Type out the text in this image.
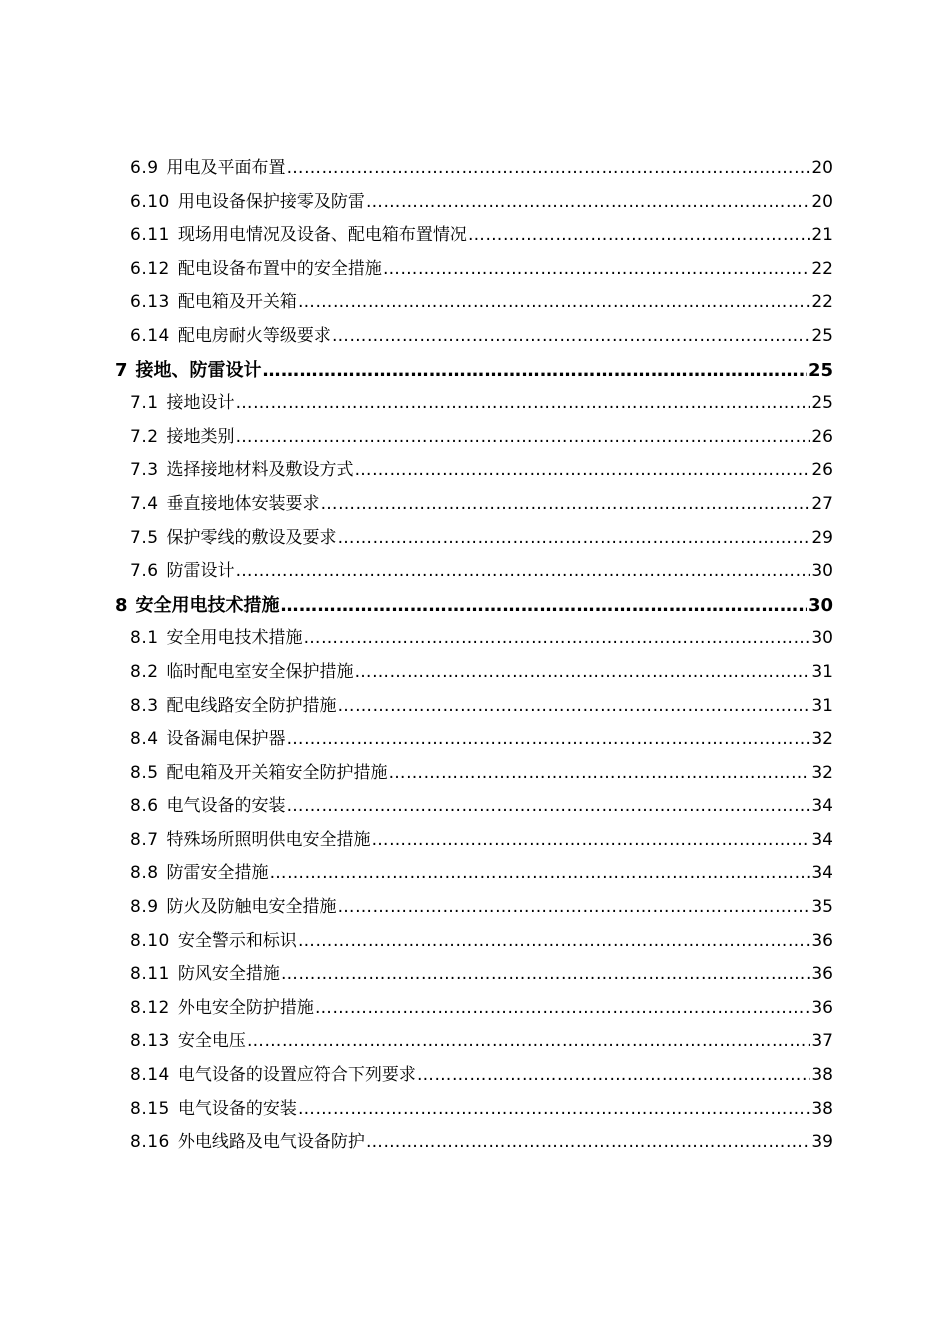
6.9 用电及平面布置 ……………………………………………………………………………………………………………………………………………………………………	20
6.10 用电设备保护接零及防雷 ……………………………………………………………………………………………………………………………………………………………………	20
6.11 现场用电情况及设备、配电箱布置情况 ……………………………………………………………………………………………………………………………………………………………………	21
6.12 配电设备布置中的安全措施 ……………………………………………………………………………………………………………………………………………………………………	22
6.13 配电箱及开关箱 ……………………………………………………………………………………………………………………………………………………………………	22
6.14 配电房耐火等级要求 ……………………………………………………………………………………………………………………………………………………………………	25
7 接地、防雷设计 ……………………………………………………………………………………………………………………………………………………………………	25
7.1 接地设计 ……………………………………………………………………………………………………………………………………………………………………	25
7.2 接地类别 ……………………………………………………………………………………………………………………………………………………………………	26
7.3 选择接地材料及敷设方式 ……………………………………………………………………………………………………………………………………………………………………	26
7.4 垂直接地体安装要求 ……………………………………………………………………………………………………………………………………………………………………	27
7.5 保护零线的敷设及要求 ……………………………………………………………………………………………………………………………………………………………………	29
7.6 防雷设计 ……………………………………………………………………………………………………………………………………………………………………	30
8 安全用电技术措施 ……………………………………………………………………………………………………………………………………………………………………	30
8.1 安全用电技术措施 ……………………………………………………………………………………………………………………………………………………………………	30
8.2 临时配电室安全保护措施 ……………………………………………………………………………………………………………………………………………………………………	31
8.3 配电线路安全防护措施 ……………………………………………………………………………………………………………………………………………………………………	31
8.4 设备漏电保护器 ……………………………………………………………………………………………………………………………………………………………………	32
8.5 配电箱及开关箱安全防护措施 ……………………………………………………………………………………………………………………………………………………………………	32
8.6 电气设备的安装 ……………………………………………………………………………………………………………………………………………………………………	34
8.7 特殊场所照明供电安全措施 ……………………………………………………………………………………………………………………………………………………………………	34
8.8 防雷安全措施 ……………………………………………………………………………………………………………………………………………………………………	34
8.9 防火及防触电安全措施 ……………………………………………………………………………………………………………………………………………………………………	35
8.10 安全警示和标识 ……………………………………………………………………………………………………………………………………………………………………	36
8.11 防风安全措施 ……………………………………………………………………………………………………………………………………………………………………	36
8.12 外电安全防护措施 ……………………………………………………………………………………………………………………………………………………………………	36
8.13 安全电压 ……………………………………………………………………………………………………………………………………………………………………	37
8.14 电气设备的设置应符合下列要求 ……………………………………………………………………………………………………………………………………………………………………	38
8.15 电气设备的安装 ……………………………………………………………………………………………………………………………………………………………………	38
8.16 外电线路及电气设备防护 ……………………………………………………………………………………………………………………………………………………………………	39
